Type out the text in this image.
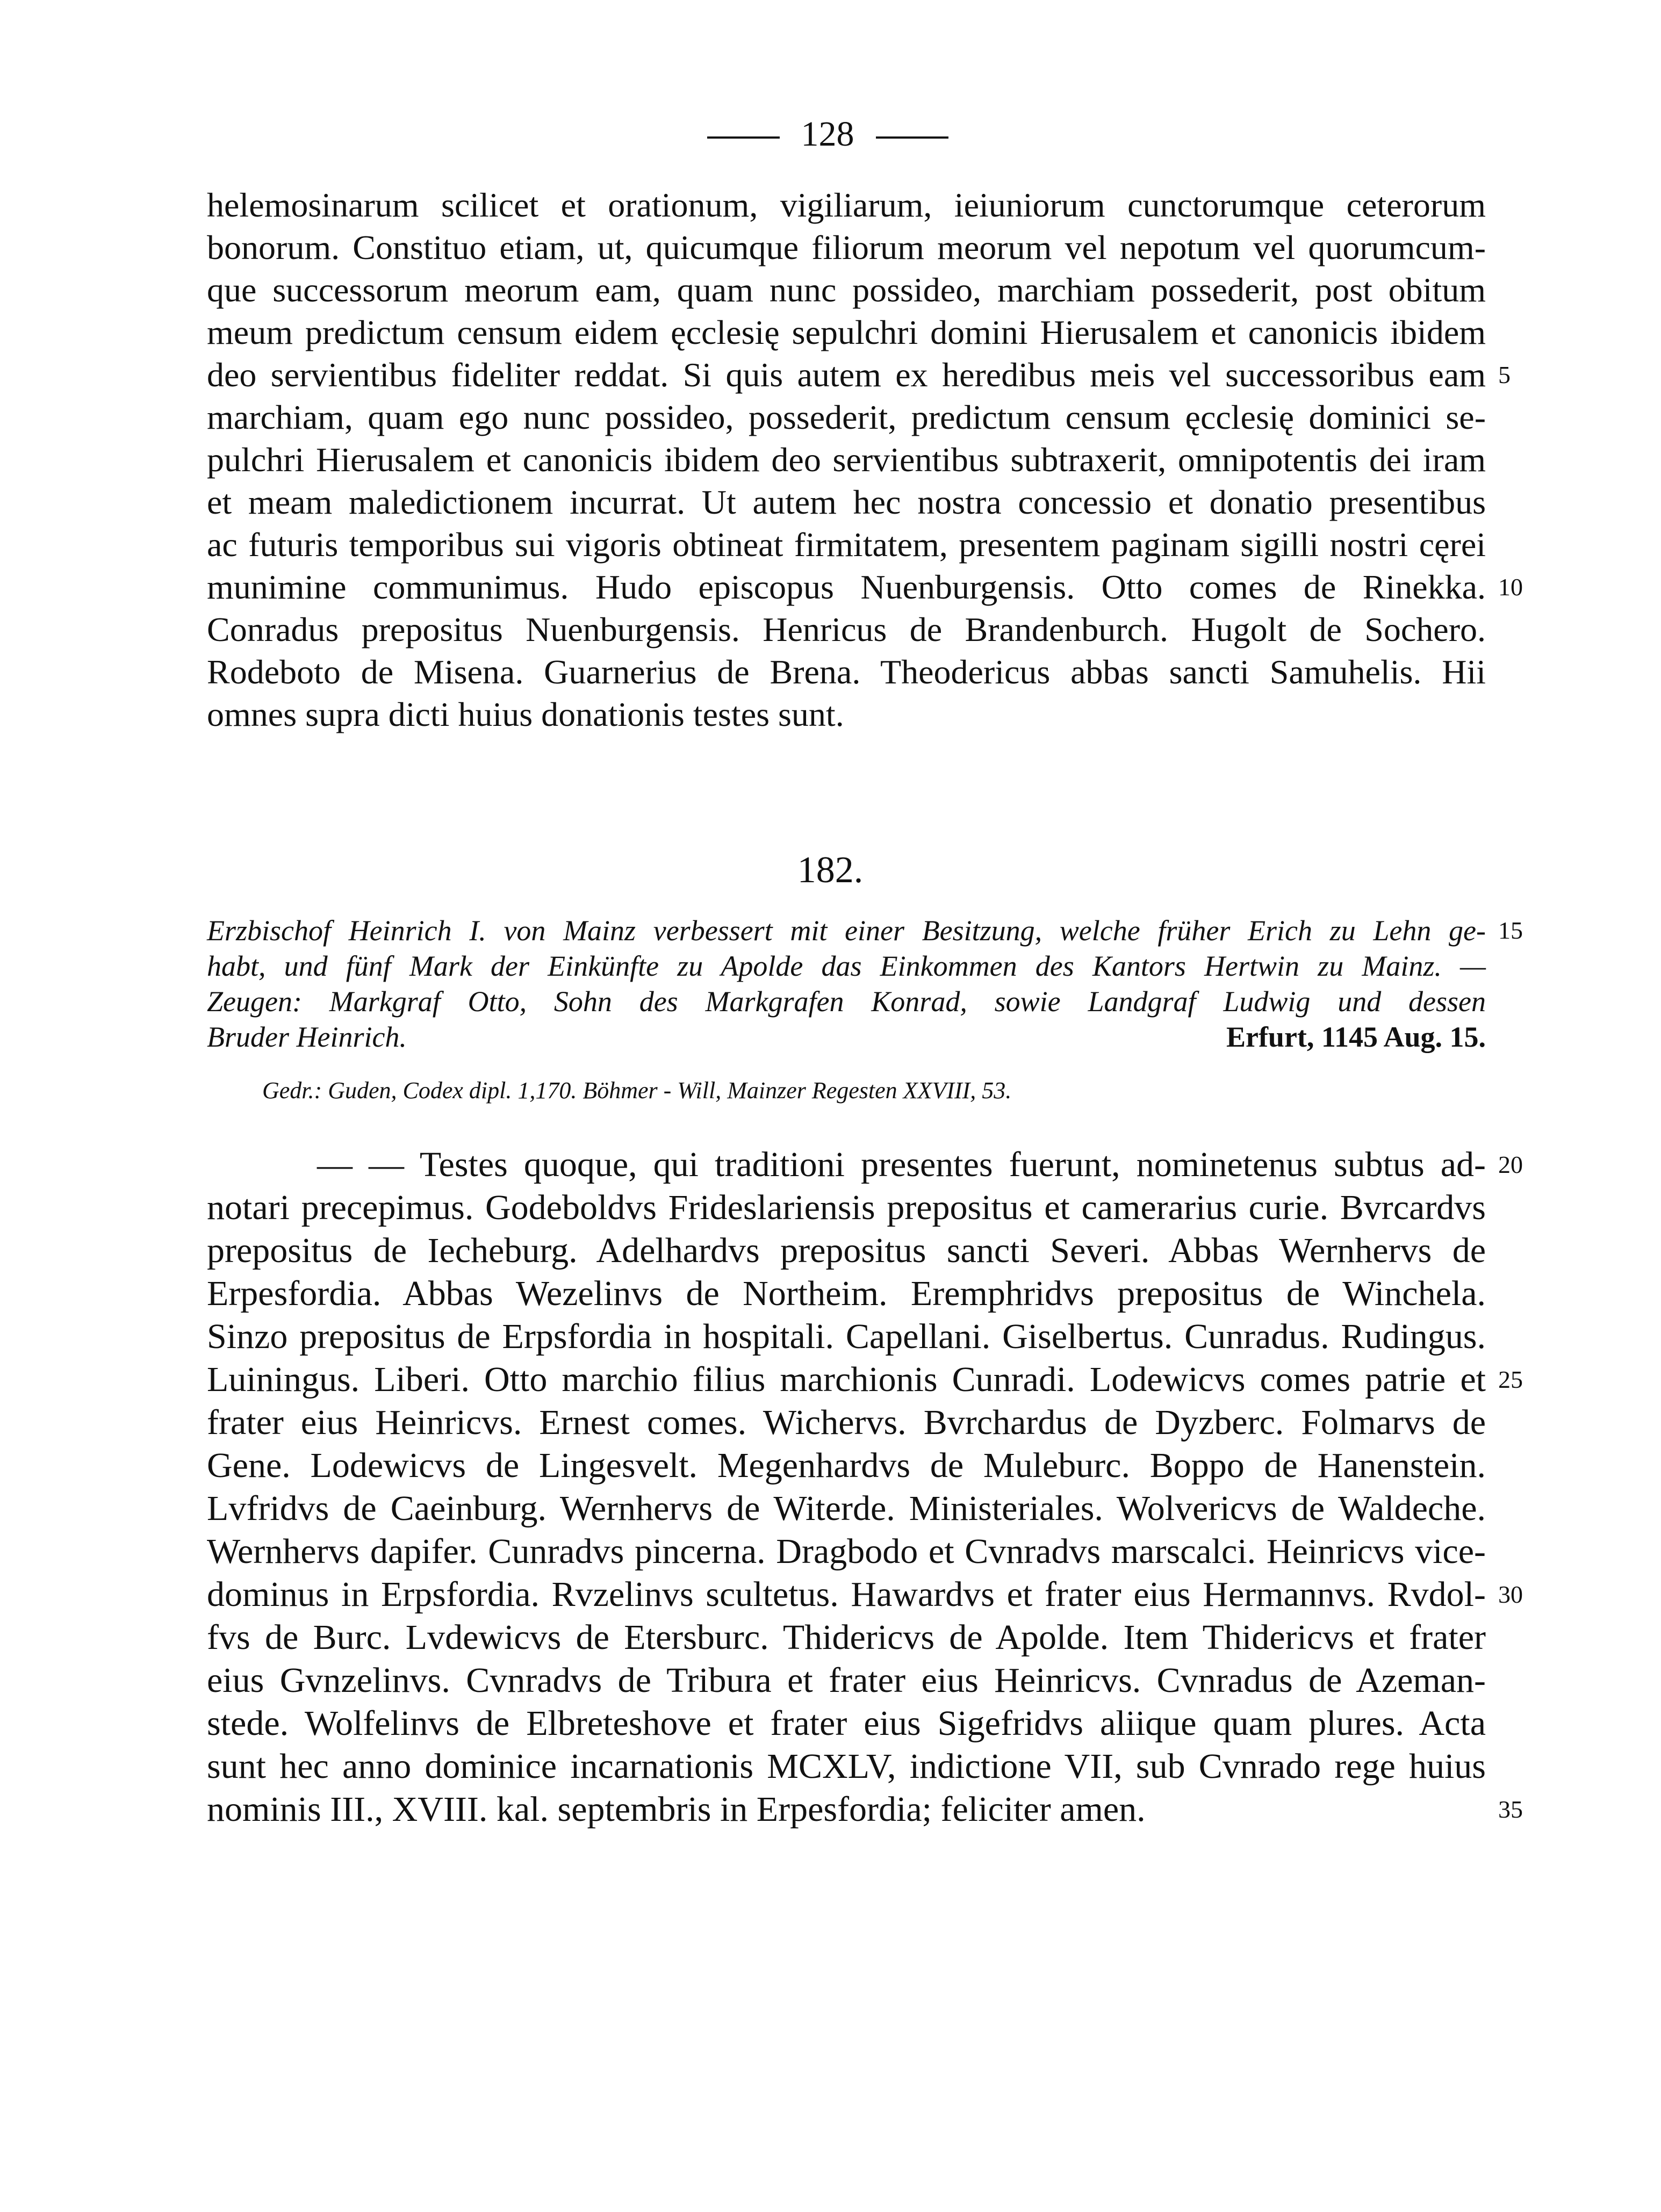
128
helemosinarum scilicet et orationum, vigiliarum, ieiuniorum cunctorumque ceterorum
bonorum. Constituo etiam, ut, quicumque filiorum meorum vel nepotum vel quorumcum-
que successorum meorum eam, quam nunc possideo, marchiam possederit, post obitum
meum predictum censum eidem ęcclesię sepulchri domini Hierusalem et canonicis ibidem
deo servientibus fideliter reddat. Si quis autem ex heredibus meis vel successoribus eam
marchiam, quam ego nunc possideo, possederit, predictum censum ęcclesię dominici se-
pulchri Hierusalem et canonicis ibidem deo servientibus subtraxerit, omnipotentis dei iram
et meam maledictionem incurrat. Ut autem hec nostra concessio et donatio presentibus
ac futuris temporibus sui vigoris obtineat firmitatem, presentem paginam sigilli nostri cęrei
munimine communimus. Hudo episcopus Nuenburgensis. Otto comes de Rinekka.
Conradus prepositus Nuenburgensis. Henricus de Brandenburch. Hugolt de Sochero.
Rodeboto de Misena. Guarnerius de Brena. Theodericus abbas sancti Samuhelis. Hii
omnes supra dicti huius donationis testes sunt.
5
10
182.
Erzbischof Heinrich I. von Mainz verbessert mit einer Besitzung, welche früher Erich zu Lehn ge-
habt, und fünf Mark der Einkünfte zu Apolde das Einkommen des Kantors Hertwin zu Mainz. —
Zeugen: Markgraf Otto, Sohn des Markgrafen Konrad, sowie Landgraf Ludwig und dessen
Bruder Heinrich.	Erfurt, 1145 Aug. 15.
15
Gedr.: Guden, Codex dipl. 1,170. Böhmer - Will, Mainzer Regesten XXVIII, 53.
— — Testes quoque, qui traditioni presentes fuerunt, nominetenus subtus ad-
notari precepimus. Godeboldvs Frideslariensis prepositus et camerarius curie. Bvrcardvs
prepositus de Iecheburg. Adelhardvs prepositus sancti Severi. Abbas Wernhervs de
Erpesfordia. Abbas Wezelinvs de Northeim. Eremphridvs prepositus de Winchela.
Sinzo prepositus de Erpsfordia in hospitali. Capellani. Giselbertus. Cunradus. Rudingus.
Luiningus. Liberi. Otto marchio filius marchionis Cunradi. Lodewicvs comes patrie et
frater eius Heinricvs. Ernest comes. Wichervs. Bvrchardus de Dyzberc. Folmarvs de
Gene. Lodewicvs de Lingesvelt. Megenhardvs de Muleburc. Boppo de Hanenstein.
Lvfridvs de Caeinburg. Wernhervs de Witerde. Ministeriales. Wolvericvs de Waldeche.
Wernhervs dapifer. Cunradvs pincerna. Dragbodo et Cvnradvs marscalci. Heinricvs vice-
dominus in Erpsfordia. Rvzelinvs scultetus. Hawardvs et frater eius Hermannvs. Rvdol-
fvs de Burc. Lvdewicvs de Etersburc. Thidericvs de Apolde. Item Thidericvs et frater
eius Gvnzelinvs. Cvnradvs de Tribura et frater eius Heinricvs. Cvnradus de Azeman-
stede. Wolfelinvs de Elbreteshove et frater eius Sigefridvs aliique quam plures. Acta
sunt hec anno dominice incarnationis MCXLV, indictione VII, sub Cvnrado rege huius
nominis III., XVIII. kal. septembris in Erpesfordia; feliciter amen.
20
25
30
35
